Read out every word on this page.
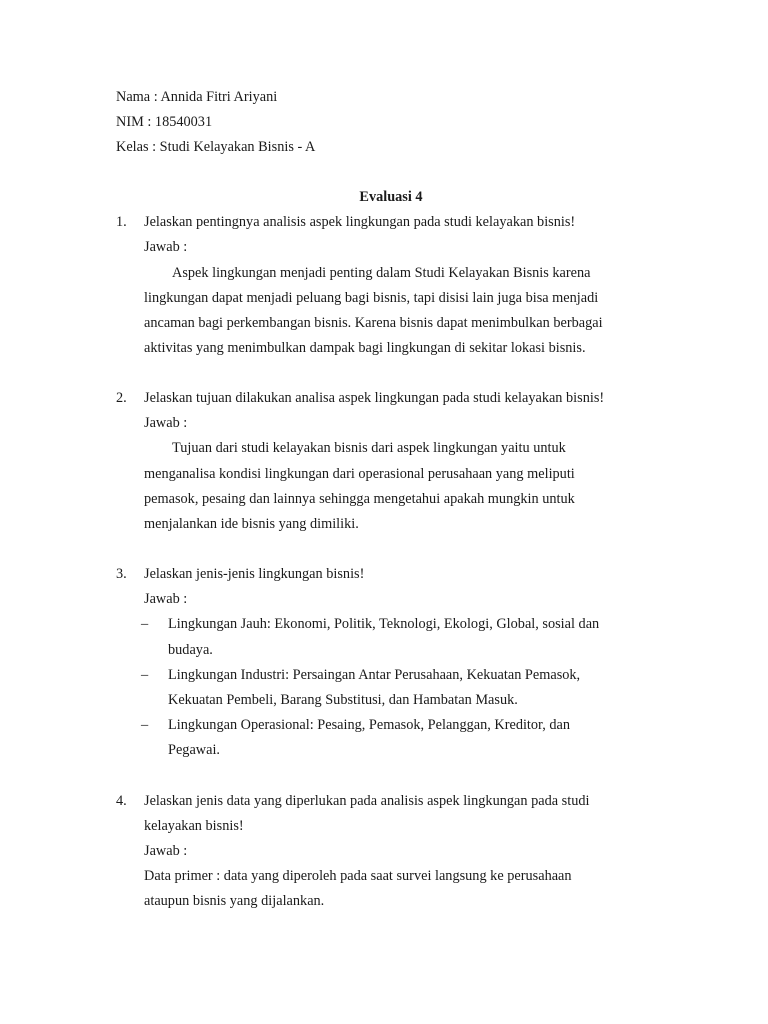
Nama : Annida Fitri Ariyani
NIM : 18540031
Kelas : Studi Kelayakan Bisnis - A
Evaluasi 4
1. Jelaskan pentingnya analisis aspek lingkungan pada studi kelayakan bisnis!
Jawab :
Aspek lingkungan menjadi penting dalam Studi Kelayakan Bisnis karena
lingkungan dapat menjadi peluang bagi bisnis, tapi disisi lain juga bisa menjadi
ancaman bagi perkembangan bisnis. Karena bisnis dapat menimbulkan berbagai
aktivitas yang menimbulkan dampak bagi lingkungan di sekitar lokasi bisnis.
2. Jelaskan tujuan dilakukan analisa aspek lingkungan pada studi kelayakan bisnis!
Jawab :
Tujuan dari studi kelayakan bisnis dari aspek lingkungan yaitu untuk
menganalisa kondisi lingkungan dari operasional perusahaan yang meliputi
pemasok, pesaing dan lainnya sehingga mengetahui apakah mungkin untuk
menjalankan ide bisnis yang dimiliki.
3. Jelaskan jenis-jenis lingkungan bisnis!
Jawab :
– Lingkungan Jauh: Ekonomi, Politik, Teknologi, Ekologi, Global, sosial dan
budaya.
– Lingkungan Industri: Persaingan Antar Perusahaan, Kekuatan Pemasok,
Kekuatan Pembeli, Barang Substitusi, dan Hambatan Masuk.
– Lingkungan Operasional: Pesaing, Pemasok, Pelanggan, Kreditor, dan
Pegawai.
4. Jelaskan jenis data yang diperlukan pada analisis aspek lingkungan pada studi
kelayakan bisnis!
Jawab :
Data primer : data yang diperoleh pada saat survei langsung ke perusahaan
ataupun bisnis yang dijalankan.
